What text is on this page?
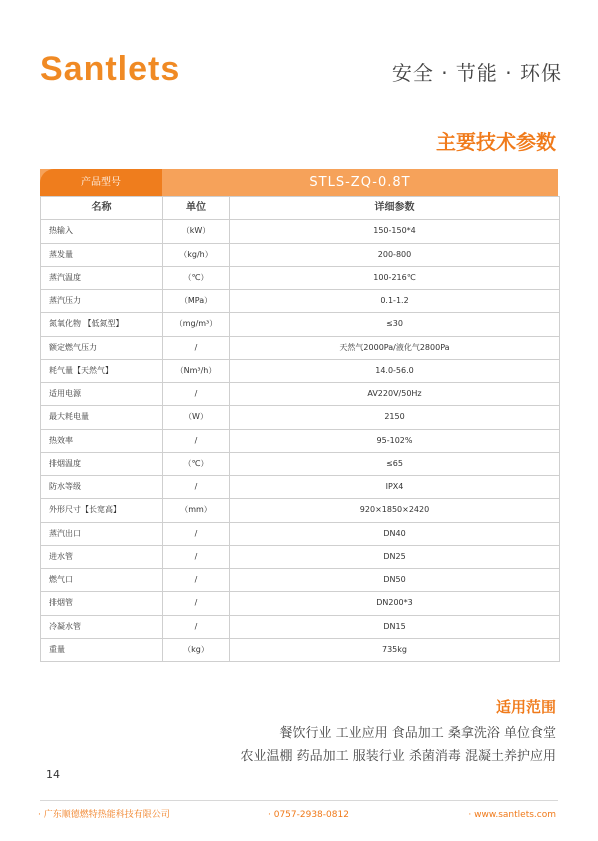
Santlets	安全 · 节能 · 环保
主要技术参数
产品型号	STLS-ZQ-0.8T
名称	单位	详细参数
热输入	（kW）	150-150*4
蒸发量	（kg/h）	200-800
蒸汽温度	（℃）	100-216℃
蒸汽压力	（MPa）	0.1-1.2
氮氧化物 【低氮型】	（mg/m³）	≤30
额定燃气压力	/	天然气2000Pa/液化气2800Pa
耗气量【天然气】	（Nm³/h）	14.0-56.0
适用电源	/	AV220V/50Hz
最大耗电量	（W）	2150
热效率	/	95-102%
排烟温度	（℃）	≤65
防水等级	/	IPX4
外形尺寸【长宽高】	（mm）	920×1850×2420
蒸汽出口	/	DN40
进水管	/	DN25
燃气口	/	DN50
排烟管	/	DN200*3
冷凝水管	/	DN15
重量	（kg）	735kg
适用范围
餐饮行业 工业应用 食品加工 桑拿洗浴 单位食堂
农业温棚 药品加工 服装行业 杀菌消毒 混凝土养护应用
14
· 广东顺德燃特热能科技有限公司	· 0757-2938-0812	· www.santlets.com
